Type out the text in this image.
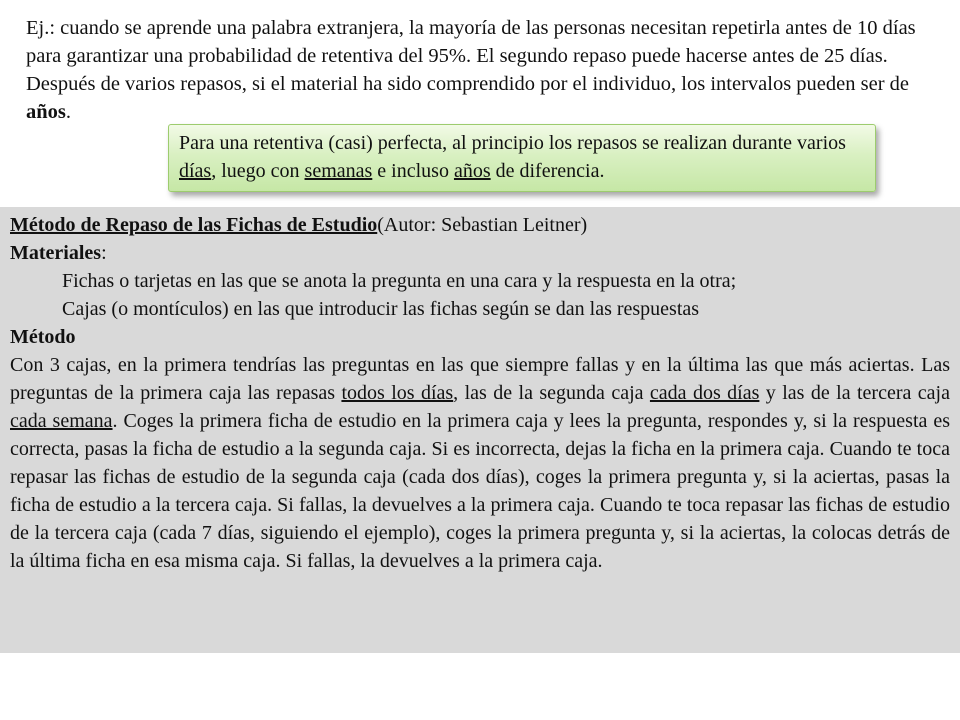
Ej.: cuando se aprende una palabra extranjera, la mayoría de las personas necesitan repetirla antes de 10 días para garantizar una probabilidad de retentiva del 95%. El segundo repaso puede hacerse antes de 25 días. Después de varios repasos, si el material ha sido comprendido por el individuo, los intervalos pueden ser de años.
Para una retentiva (casi) perfecta, al principio los repasos se realizan durante varios días, luego con semanas e incluso años de diferencia.

Método de Repaso de las Fichas de Estudio(Autor: Sebastian Leitner)

Materiales:

Fichas o tarjetas en las que se anota la pregunta en una cara y la respuesta en la otra;

Cajas (o montículos) en las que introducir las fichas según se dan las respuestas

Método

Con 3 cajas, en la primera tendrías las preguntas en las que siempre fallas y en la última las que más aciertas. Las preguntas de la primera caja las repasas todos los días, las de la segunda caja cada dos días y las de la tercera caja cada semana. Coges la primera ficha de estudio en la primera caja y lees la pregunta, respondes y, si la respuesta es correcta, pasas la ficha de estudio a la segunda caja. Si es incorrecta, dejas la ficha en la primera caja. Cuando te toca repasar las fichas de estudio de la segunda caja (cada dos días), coges la primera pregunta y, si la aciertas, pasas la ficha de estudio a la tercera caja. Si fallas, la devuelves a la primera caja. Cuando te toca repasar las fichas de estudio de la tercera caja (cada 7 días, siguiendo el ejemplo), coges la primera pregunta y, si la aciertas, la colocas detrás de la última ficha en esa misma caja. Si fallas, la devuelves a la primera caja.
